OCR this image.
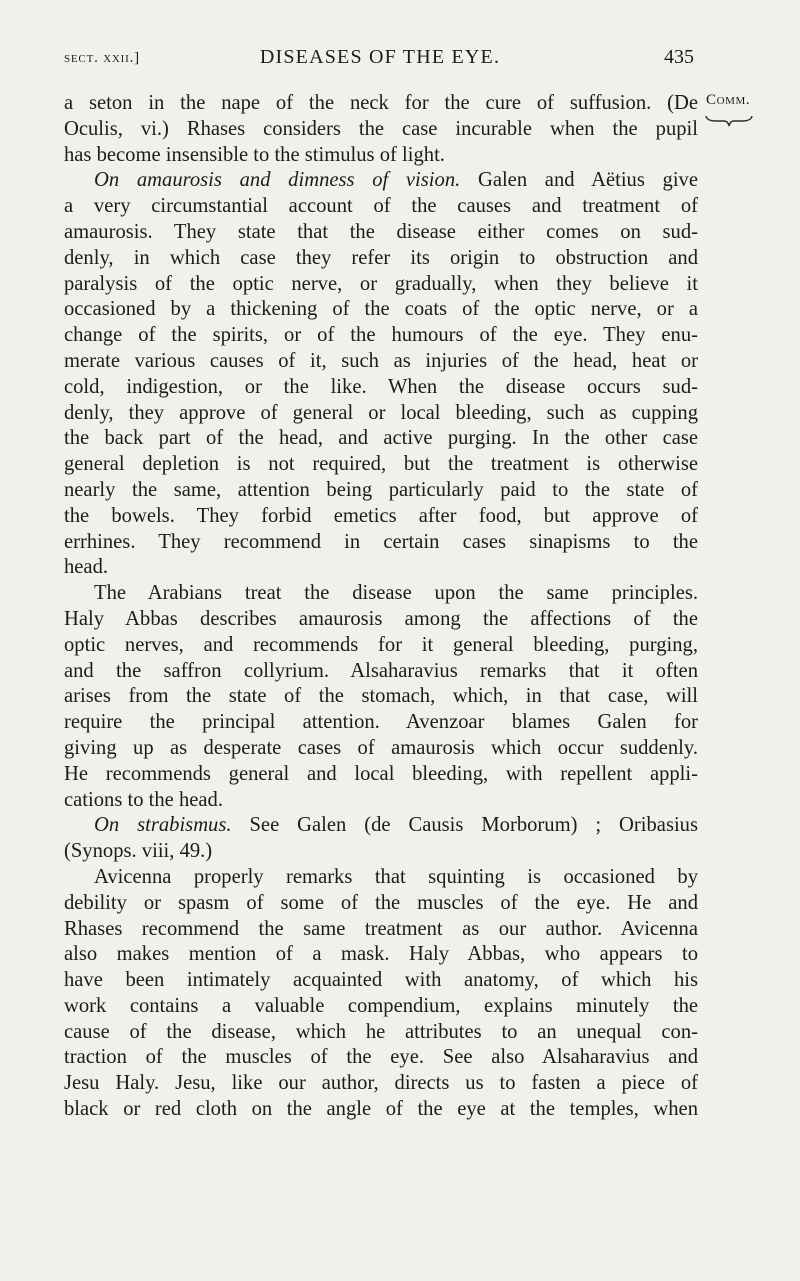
sect. xxii.]	DISEASES OF THE EYE.	435
Comm.
a seton in the nape of the neck for the cure of suffusion. (De
Oculis, vi.) Rhases considers the case incurable when the pupil
has become insensible to the stimulus of light.
On amaurosis and dimness of vision. Galen and Aëtius give
a very circumstantial account of the causes and treatment of
amaurosis. They state that the disease either comes on sud-
denly, in which case they refer its origin to obstruction and
paralysis of the optic nerve, or gradually, when they believe it
occasioned by a thickening of the coats of the optic nerve, or a
change of the spirits, or of the humours of the eye. They enu-
merate various causes of it, such as injuries of the head, heat or
cold, indigestion, or the like. When the disease occurs sud-
denly, they approve of general or local bleeding, such as cupping
the back part of the head, and active purging. In the other case
general depletion is not required, but the treatment is otherwise
nearly the same, attention being particularly paid to the state of
the bowels. They forbid emetics after food, but approve of
errhines. They recommend in certain cases sinapisms to the
head.
The Arabians treat the disease upon the same principles.
Haly Abbas describes amaurosis among the affections of the
optic nerves, and recommends for it general bleeding, purging,
and the saffron collyrium. Alsaharavius remarks that it often
arises from the state of the stomach, which, in that case, will
require the principal attention. Avenzoar blames Galen for
giving up as desperate cases of amaurosis which occur suddenly.
He recommends general and local bleeding, with repellent appli-
cations to the head.
On strabismus. See Galen (de Causis Morborum) ; Oribasius
(Synops. viii, 49.)
Avicenna properly remarks that squinting is occasioned by
debility or spasm of some of the muscles of the eye. He and
Rhases recommend the same treatment as our author. Avicenna
also makes mention of a mask. Haly Abbas, who appears to
have been intimately acquainted with anatomy, of which his
work contains a valuable compendium, explains minutely the
cause of the disease, which he attributes to an unequal con-
traction of the muscles of the eye. See also Alsaharavius and
Jesu Haly. Jesu, like our author, directs us to fasten a piece of
black or red cloth on the angle of the eye at the temples, when
